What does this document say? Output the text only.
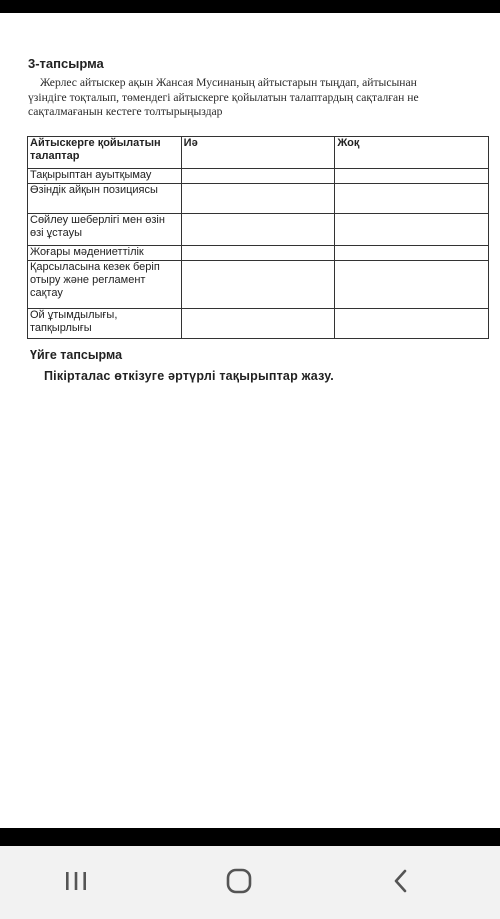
3-тапсырма
Жерлес айтыскер ақын Жансая Мусинаның айтыстарын тыңдап, айтысынан үзіндіге тоқталып, төмендегі айтыскерге қойылатын талаптардың сақталған не сақталмағанын кестеге толтырыңыздар
Айтыскерге қойылатын талаптар	Иә	Жоқ
Тақырыптан ауытқымау		
Өзіндік айқын позициясы		
Сөйлеу шеберлігі мен өзін өзі ұстауы		
Жоғары мәдениеттілік		
Қарсыласына кезек беріп отыру және регламент сақтау		
Ой ұтымдылығы, тапқырлығы		
Үйге тапсырма
Пікірталас өткізуге әртүрлі тақырыптар жазу.
